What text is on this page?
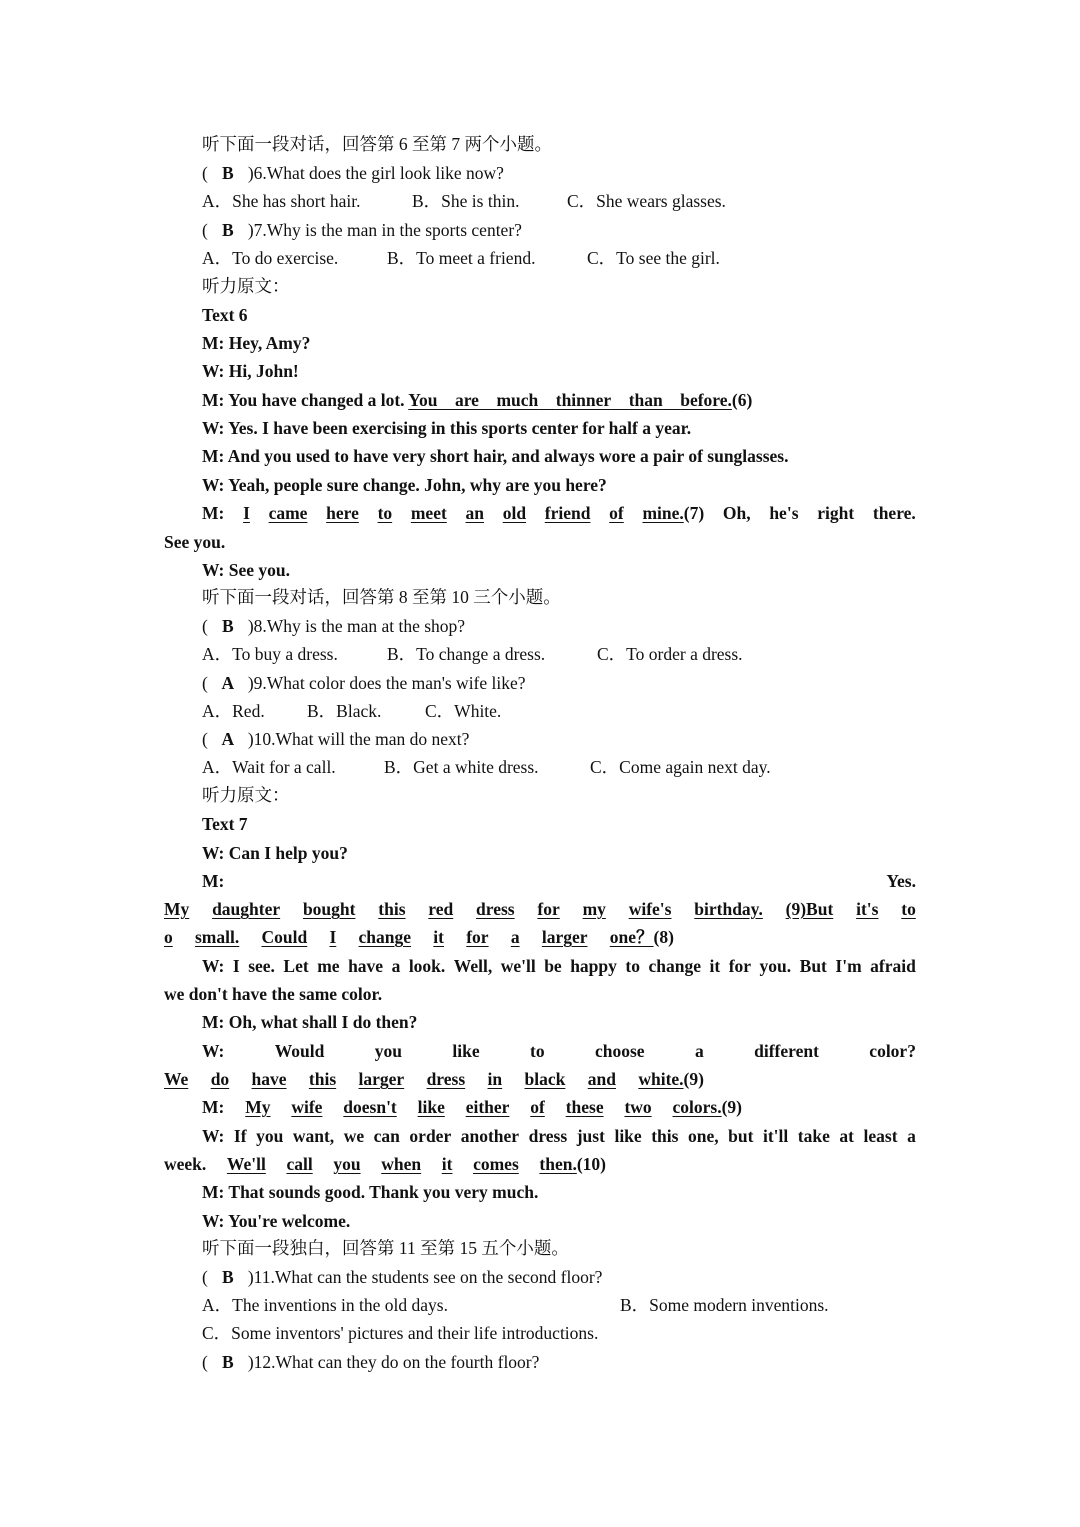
听下面一段对话，回答第 6 至第 7 两个小题。
( B )6.What does the girl look like now?
A．She has short hair.	B．She is thin.	C．She wears glasses.
( B )7.Why is the man in the sports center?
A．To do exercise.	B．To meet a friend.	C．To see the girl.
听力原文：
Text 6
M: Hey, Amy?
W: Hi, John!
M: You have changed a lot. You are much thinner than before.(6)
W: Yes. I have been exercising in this sports center for half a year.
M: And you used to have very short hair, and always wore a pair of sunglasses.
W: Yeah, people sure change. John, why are you here?
M: I came here to meet an old friend of mine.(7) Oh, he's right there.
See you.
W: See you.
听下面一段对话，回答第 8 至第 10 三个小题。
( B )8.Why is the man at the shop?
A．To buy a dress.	B．To change a dress.	C．To order a dress.
( A )9.What color does the man's wife like?
A．Red. B．Black. C．White.
( A )10.What will the man do next?
A．Wait for a call.	B．Get a white dress.	C．Come again next day.
听力原文：
Text 7
W: Can I help you?
M:	Yes.
My daughter bought this red dress for my wife's birthday. (9)But it's to
o small. Could I change it for a larger one？(8)
W: I see. Let me have a look. Well, we'll be happy to change it for you. But I'm afraid
we don't have the same color.
M: Oh, what shall I do then?
W:	Would	you	like	to	choose	a	different	color?
We do have this larger dress in black and white.(9)
M: My wife doesn't like either of these two colors.(9)
W: If you want, we can order another dress just like this one, but it'll take at least a
week. We'll call you when it comes then.(10)
M: That sounds good. Thank you very much.
W: You're welcome.
听下面一段独白，回答第 11 至第 15 五个小题。
( B )11.What can the students see on the second floor?
A．The inventions in the old days.	B．Some modern inventions.
C．Some inventors' pictures and their life introductions.
( B )12.What can they do on the fourth floor?
